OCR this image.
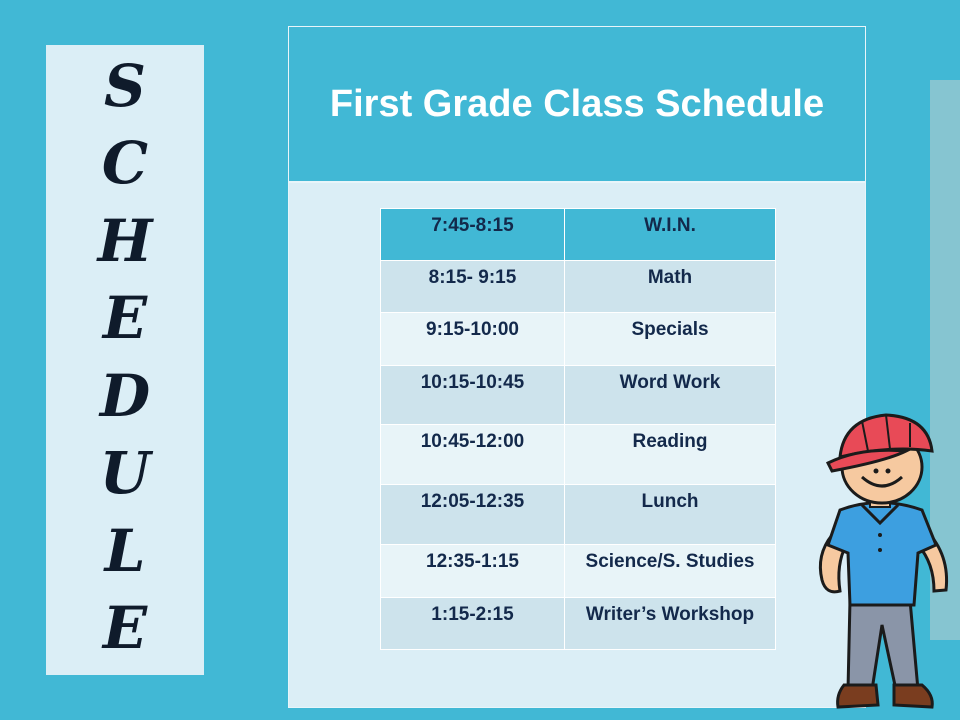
S
C
H
E
D
U
L
E
First Grade Class Schedule
7:45-8:15	W.I.N.
8:15- 9:15	Math
9:15-10:00	Specials
10:15-10:45	Word Work
10:45-12:00	Reading
12:05-12:35	Lunch
12:35-1:15	Science/S. Studies
1:15-2:15	Writer’s Workshop
